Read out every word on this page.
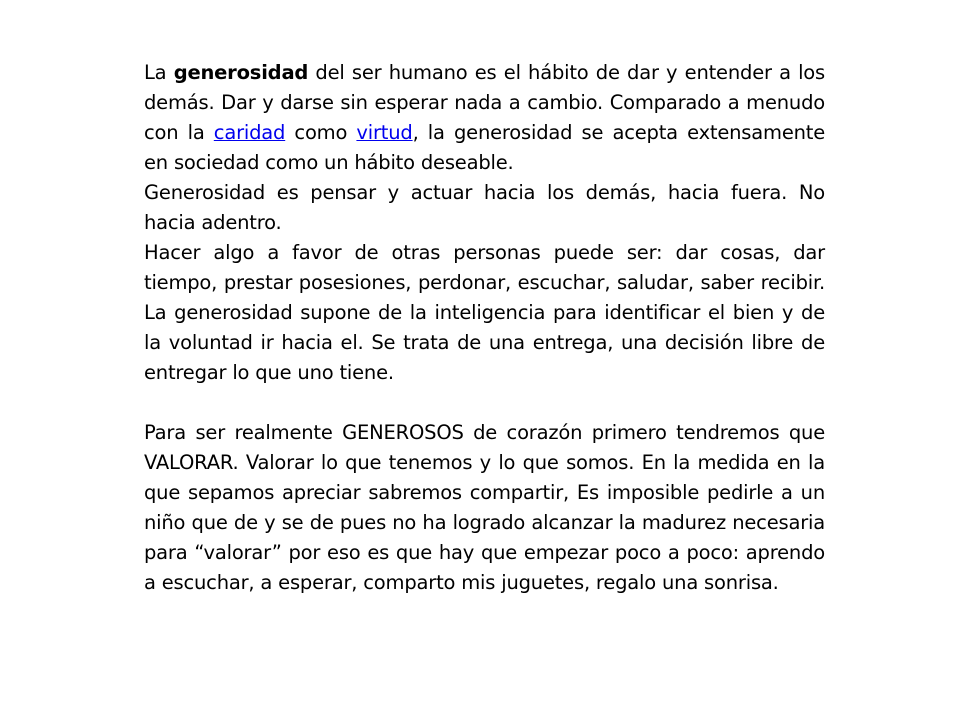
La generosidad del ser humano es el hábito de dar y entender a los demás. Dar y darse sin esperar nada a cambio. Comparado a menudo con la caridad como virtud, la generosidad se acepta extensamente en sociedad como un hábito deseable.

Generosidad es pensar y actuar hacia los demás, hacia fuera. No hacia adentro.

Hacer algo a favor de otras personas puede ser: dar cosas, dar tiempo, prestar posesiones, perdonar, escuchar, saludar, saber recibir. La generosidad supone de la inteligencia para identificar el bien y de la voluntad ir hacia el. Se trata de una entrega, una decisión libre de entregar lo que uno tiene.

Para ser realmente GENEROSOS de corazón primero tendremos que VALORAR. Valorar lo que tenemos y lo que somos. En la medida en la que sepamos apreciar sabremos compartir, Es imposible pedirle a un niño que de y se de pues no ha logrado alcanzar la madurez necesaria para “valorar” por eso es que hay que empezar poco a poco: aprendo a escuchar, a esperar, comparto mis juguetes, regalo una sonrisa.
